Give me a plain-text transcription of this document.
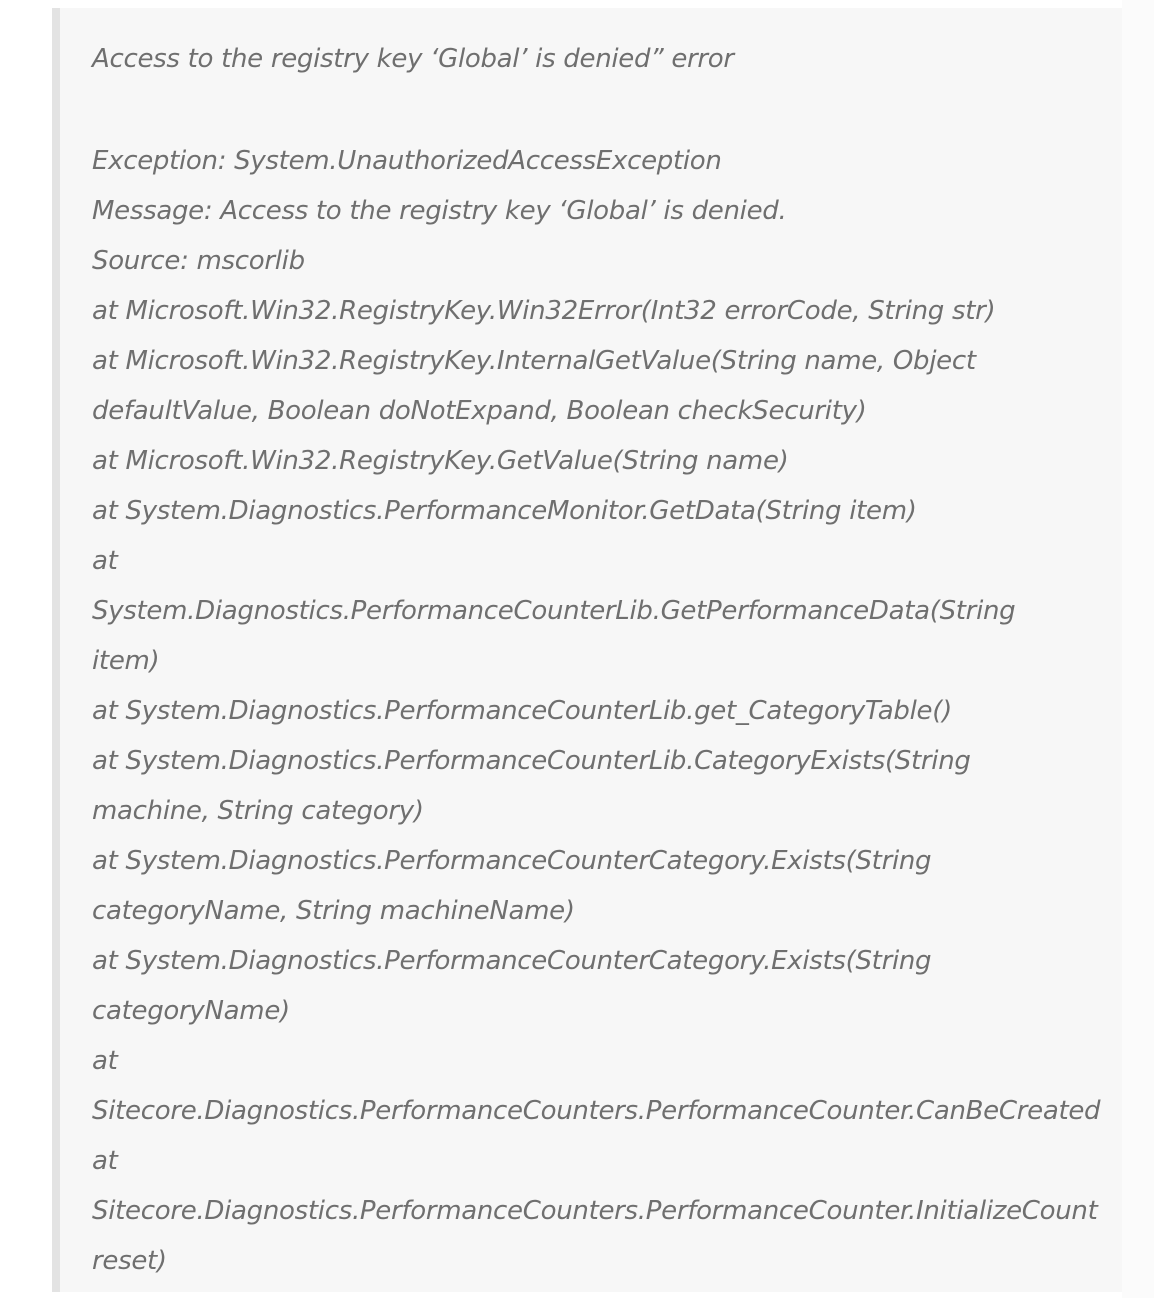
Access to the registry key ‘Global’ is denied” error
Exception: System.UnauthorizedAccessException
Message: Access to the registry key ‘Global’ is denied.
Source: mscorlib
at Microsoft.Win32.RegistryKey.Win32Error(Int32 errorCode, String str)
at Microsoft.Win32.RegistryKey.InternalGetValue(String name, Object
defaultValue, Boolean doNotExpand, Boolean checkSecurity)
at Microsoft.Win32.RegistryKey.GetValue(String name)
at System.Diagnostics.PerformanceMonitor.GetData(String item)
at
System.Diagnostics.PerformanceCounterLib.GetPerformanceData(String
item)
at System.Diagnostics.PerformanceCounterLib.get_CategoryTable()
at System.Diagnostics.PerformanceCounterLib.CategoryExists(String
machine, String category)
at System.Diagnostics.PerformanceCounterCategory.Exists(String
categoryName, String machineName)
at System.Diagnostics.PerformanceCounterCategory.Exists(String
categoryName)
at
Sitecore.Diagnostics.PerformanceCounters.PerformanceCounter.CanBeCreated
at
Sitecore.Diagnostics.PerformanceCounters.PerformanceCounter.InitializeCount
reset)
